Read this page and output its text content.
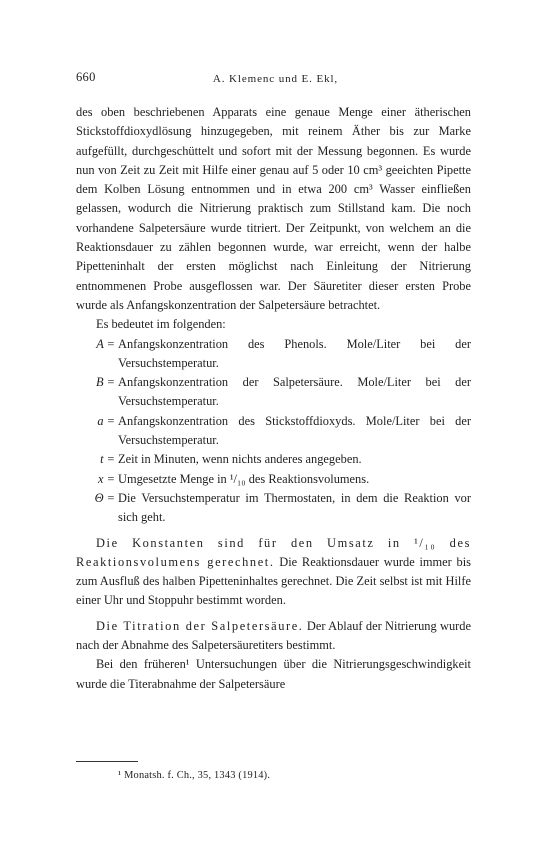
660	A. Klemenc und E. Ekl,

des oben beschriebenen Apparats eine genaue Menge einer ätherischen Stickstoffdioxydlösung hinzugegeben, mit reinem Äther bis zur Marke aufgefüllt, durchgeschüttelt und sofort mit der Messung begonnen. Es wurde nun von Zeit zu Zeit mit Hilfe einer genau auf 5 oder 10 cm³ geeichten Pipette dem Kolben Lösung entnommen und in etwa 200 cm³ Wasser einfließen gelassen, wodurch die Nitrierung praktisch zum Stillstand kam. Die noch vorhandene Salpetersäure wurde titriert. Der Zeitpunkt, von welchem an die Reaktionsdauer zu zählen begonnen wurde, war erreicht, wenn der halbe Pipetteninhalt der ersten möglichst nach Einleitung der Nitrierung entnommenen Probe ausgeflossen war. Der Säuretiter dieser ersten Probe wurde als Anfangskonzentration der Salpetersäure betrachtet.

Es bedeutet im folgenden:

A = Anfangskonzentration des Phenols. Mole/Liter bei der Versuchstemperatur.
B = Anfangskonzentration der Salpetersäure. Mole/Liter bei der Versuchstemperatur.
a = Anfangskonzentration des Stickstoffdioxyds. Mole/Liter bei der Versuchstemperatur.
t = Zeit in Minuten, wenn nichts anderes angegeben.
x = Umgesetzte Menge in ¹/₁₀ des Reaktionsvolumens.
Θ = Die Versuchstemperatur im Thermostaten, in dem die Reaktion vor sich geht.

Die Konstanten sind für den Umsatz in ¹/₁₀ des Reaktionsvolumens gerechnet. Die Reaktionsdauer wurde immer bis zum Ausfluß des halben Pipetteninhaltes gerechnet. Die Zeit selbst ist mit Hilfe einer Uhr und Stoppuhr bestimmt worden.

Die Titration der Salpetersäure. Der Ablauf der Nitrierung wurde nach der Abnahme des Salpetersäuretiters bestimmt.

Bei den früheren¹ Untersuchungen über die Nitrierungsgeschwindigkeit wurde die Titerabnahme der Salpetersäure

¹ Monatsh. f. Ch., 35, 1343 (1914).
